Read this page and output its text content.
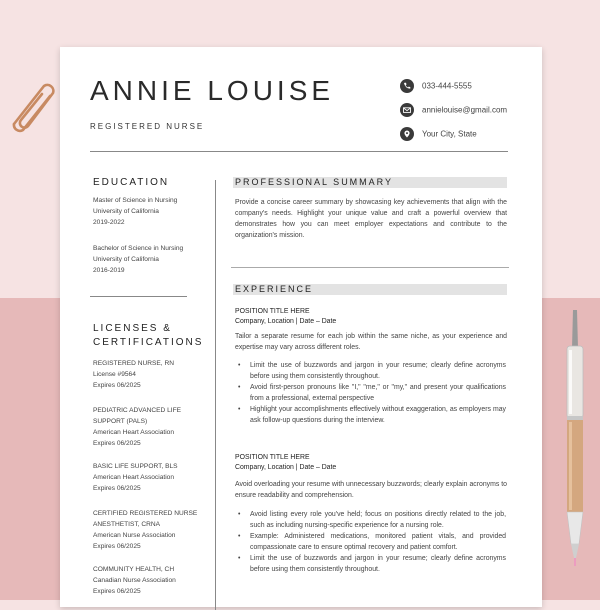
ANNIE LOUISE
REGISTERED NURSE
033-444-5555
annielouise@gmail.com
Your City, State
EDUCATION
Master of Science in Nursing
University of California
2019-2022
Bachelor of Science in Nursing
University of California
2016-2019
LICENSES &
CERTIFICATIONS
REGISTERED NURSE, RN
License #9564
Expires 06/2025
PEDIATRIC ADVANCED LIFE
SUPPORT (PALS)
American Heart Association
Expires 06/2025
BASIC LIFE SUPPORT, BLS
American Heart Association
Expires 06/2025
CERTIFIED REGISTERED NURSE
ANESTHETIST, CRNA
American Nurse Association
Expires 06/2025
COMMUNITY HEALTH, CH
Canadian Nurse Association
Expires 06/2025
PROFESSIONAL SUMMARY
Provide a concise career summary by showcasing key achievements that align with the company's needs. Highlight your unique value and craft a powerful overview that demonstrates how you can meet employer expectations and contribute to the organization's mission.
EXPERIENCE
POSITION TITLE HERE
Company, Location | Date – Date
Tailor a separate resume for each job within the same niche, as your experience and expertise may vary across different roles.
• Limit the use of buzzwords and jargon in your resume; clearly define acronyms before using them consistently throughout.
• Avoid first-person pronouns like "I," "me," or "my," and present your qualifications from a professional, external perspective
• Highlight your accomplishments effectively without exaggeration, as employers may ask follow-up questions during the interview.
POSITION TITLE HERE
Company, Location | Date – Date
Avoid overloading your resume with unnecessary buzzwords; clearly explain acronyms to ensure readability and comprehension.
• Avoid listing every role you've held; focus on positions directly related to the job, such as including nursing-specific experience for a nursing role.
• Example: Administered medications, monitored patient vitals, and provided compassionate care to ensure optimal recovery and patient comfort.
• Limit the use of buzzwords and jargon in your resume; clearly define acronyms before using them consistently throughout.
